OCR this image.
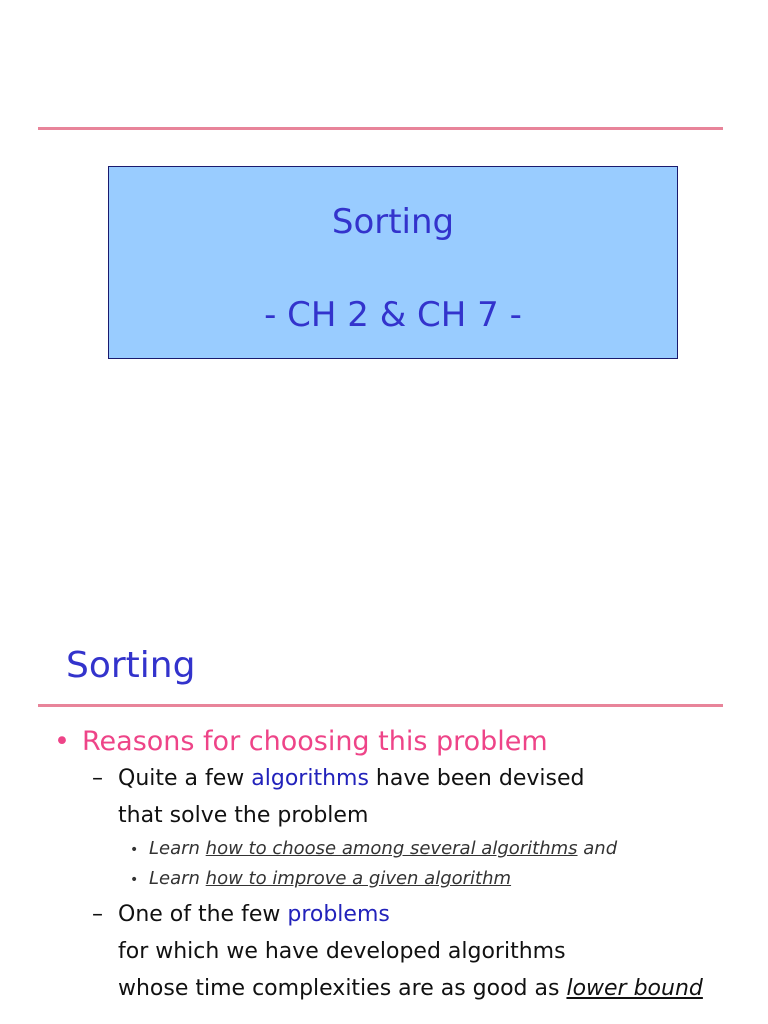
Sorting
- CH 2 & CH 7 -
Sorting
• Reasons for choosing this problem
– Quite a few algorithms have been devised
that solve the problem
• Learn how to choose among several algorithms and
• Learn how to improve a given algorithm
– One of the few problems
for which we have developed algorithms
whose time complexities are as good as lower bound
